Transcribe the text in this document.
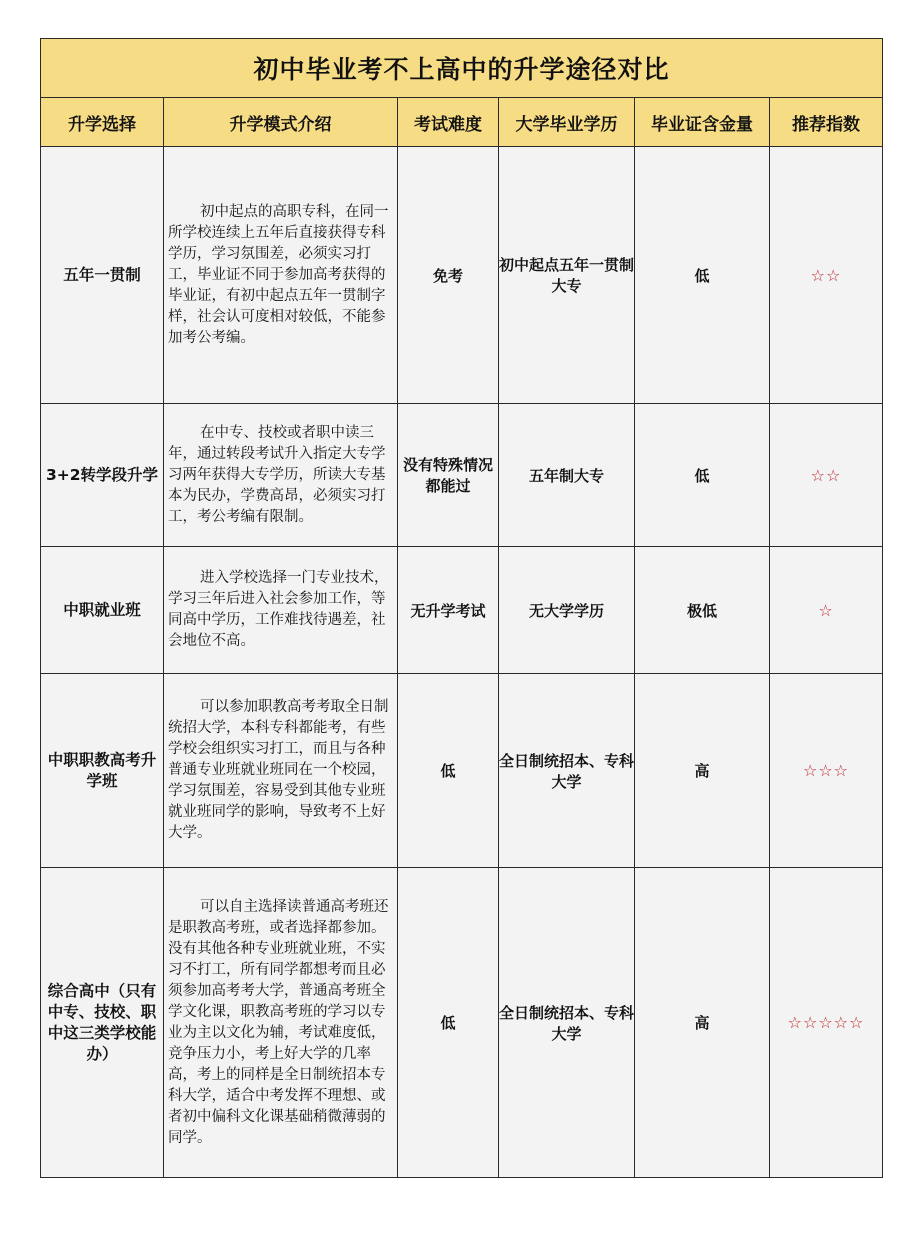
初中毕业考不上高中的升学途径对比					
升学选择	升学模式介绍	考试难度	大学毕业学历	毕业证含金量	推荐指数
五年一贯制	初中起点的高职专科，在同一所学校连续上五年后直接获得专科学历，学习氛围差，必须实习打工，毕业证不同于参加高考获得的毕业证，有初中起点五年一贯制字样，社会认可度相对较低，不能参加考公考编。	免考	初中起点五年一贯制大专	低	☆☆
3+2转学段升学	在中专、技校或者职中读三年，通过转段考试升入指定大专学习两年获得大专学历，所读大专基本为民办，学费高昂，必须实习打工，考公考编有限制。	没有特殊情况都能过	五年制大专	低	☆☆
中职就业班	进入学校选择一门专业技术，学习三年后进入社会参加工作，等同高中学历，工作难找待遇差，社会地位不高。	无升学考试	无大学学历	极低	☆
中职职教高考升学班	可以参加职教高考考取全日制统招大学，本科专科都能考，有些学校会组织实习打工，而且与各种普通专业班就业班同在一个校园，学习氛围差，容易受到其他专业班就业班同学的影响，导致考不上好大学。	低	全日制统招本、专科大学	高	☆☆☆
综合高中（只有中专、技校、职中这三类学校能办）	可以自主选择读普通高考班还是职教高考班，或者选择都参加。没有其他各种专业班就业班，不实习不打工，所有同学都想考而且必须参加高考考大学，普通高考班全学文化课，职教高考班的学习以专业为主以文化为辅，考试难度低，竞争压力小，考上好大学的几率高，考上的同样是全日制统招本专科大学，适合中考发挥不理想、或者初中偏科文化课基础稍微薄弱的同学。	低	全日制统招本、专科大学	高	☆☆☆☆☆
